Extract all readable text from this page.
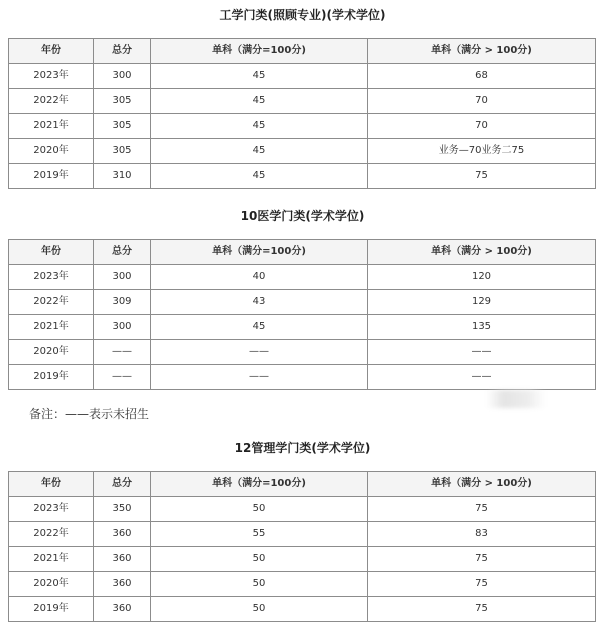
工学门类(照顾专业)(学术学位)
年份	总分	单科（满分=100分)	单科（满分 > 100分)
2023年	300	45	68
2022年	305	45	70
2021年	305	45	70
2020年	305	45	业务—70业务二75
2019年	310	45	75
10医学门类(学术学位)
年份	总分	单科（满分=100分)	单科（满分 > 100分)
2023年	300	40	120
2022年	309	43	129
2021年	300	45	135
2020年	——	——	——
2019年	——	——	——
备注：——表示未招生
12管理学门类(学术学位)
年份	总分	单科（满分=100分)	单科（满分 > 100分)
2023年	350	50	75
2022年	360	55	83
2021年	360	50	75
2020年	360	50	75
2019年	360	50	75
